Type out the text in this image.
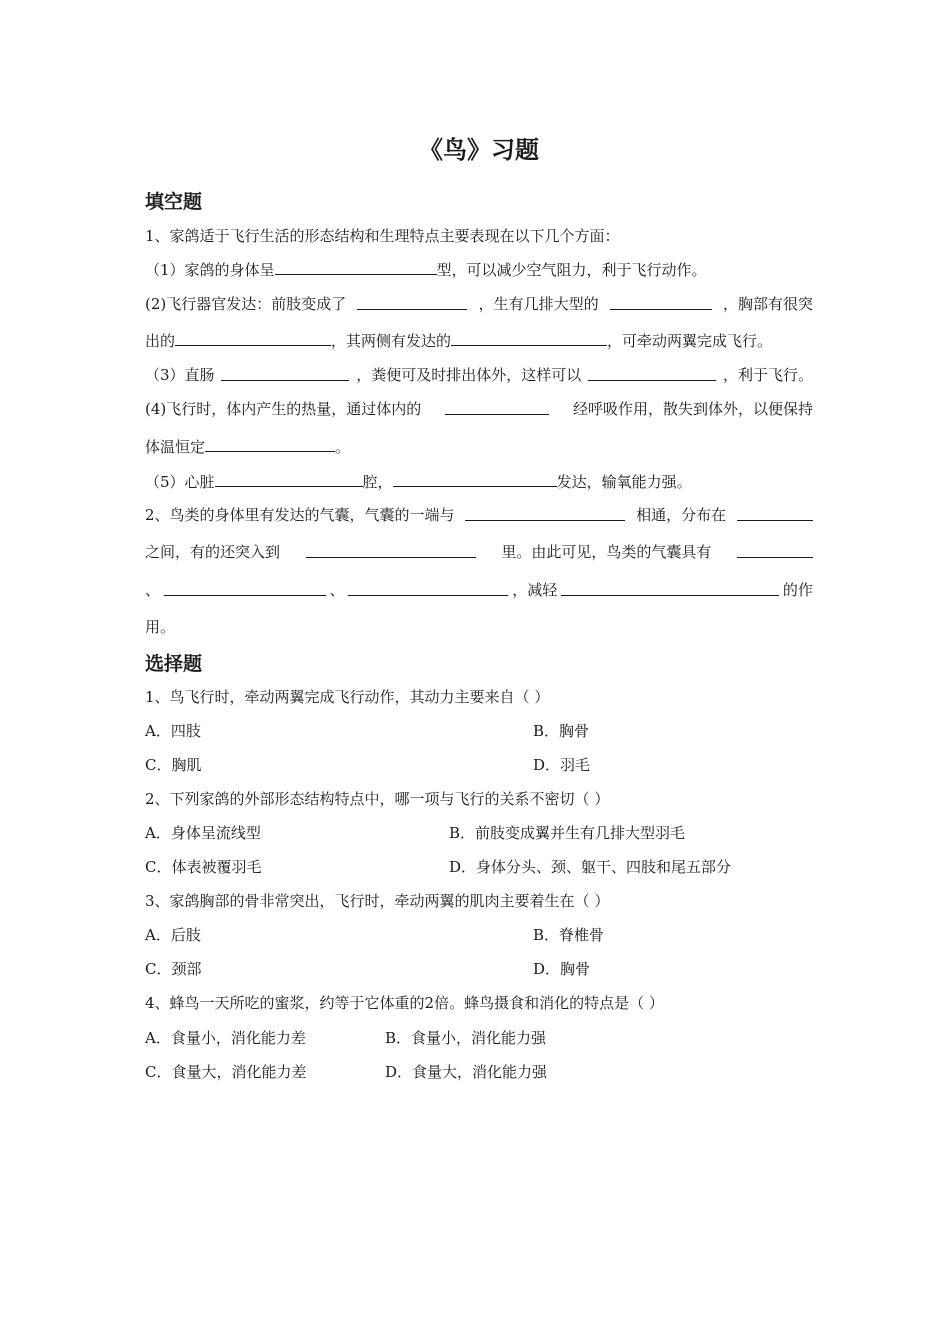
《鸟》习题
填空题
1、家鸽适于飞行生活的形态结构和生理特点主要表现在以下几个方面：
（1）家鸽的身体呈	型，可以减少空气阻力，利于飞行动作。
(2)飞行器官发达：前肢变成了	，生有几排大型的	，胸部有很突
出的	，其两侧有发达的	，可牵动两翼完成飞行。
（3）直肠	，粪便可及时排出体外，这样可以	，利于飞行。
(4)飞行时，体内产生的热量，通过体内的	经呼吸作用，散失到体外，以便保持
体温恒定	。
（5）心脏	腔，	发达，输氧能力强。
2、鸟类的身体里有发达的气囊，气囊的一端与	相通，分布在
之间，有的还突入到	里。由此可见，鸟类的气囊具有
、	、	，减轻	的作
用。
选择题
1、鸟飞行时，牵动两翼完成飞行动作，其动力主要来自（ ）
A．四肢	B．胸骨
C．胸肌	D．羽毛
2、下列家鸽的外部形态结构特点中，哪一项与飞行的关系不密切（ ）
A．身体呈流线型	B．前肢变成翼并生有几排大型羽毛
C．体表被覆羽毛	D．身体分头、颈、躯干、四肢和尾五部分
3、家鸽胸部的骨非常突出，飞行时，牵动两翼的肌肉主要着生在（ ）
A．后肢	B．脊椎骨
C．颈部	D．胸骨
4、蜂鸟一天所吃的蜜浆，约等于它体重的2倍。蜂鸟摄食和消化的特点是（ ）
A．食量小，消化能力差	B．食量小，消化能力强
C．食量大，消化能力差	D．食量大，消化能力强
